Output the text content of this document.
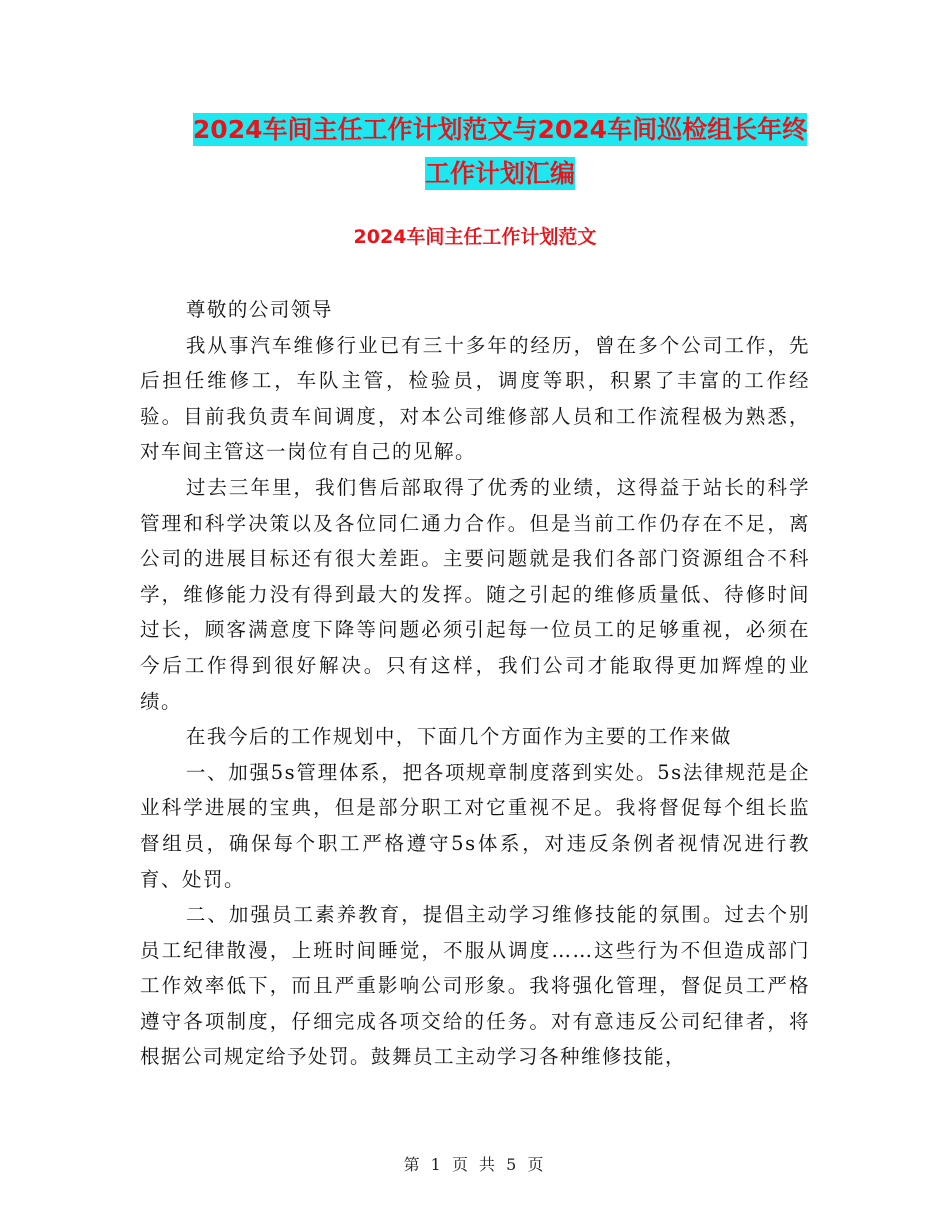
2024车间主任工作计划范文与2024车间巡检组长年终
工作计划汇编
2024车间主任工作计划范文

尊敬的公司领导

我从事汽车维修行业已有三十多年的经历，曾在多个公司工作，先后担任维修工，车队主管，检验员，调度等职，积累了丰富的工作经验。目前我负责车间调度，对本公司维修部人员和工作流程极为熟悉，对车间主管这一岗位有自己的见解。

过去三年里，我们售后部取得了优秀的业绩，这得益于站长的科学管理和科学决策以及各位同仁通力合作。但是当前工作仍存在不足，离公司的进展目标还有很大差距。主要问题就是我们各部门资源组合不科学，维修能力没有得到最大的发挥。随之引起的维修质量低、待修时间过长，顾客满意度下降等问题必须引起每一位员工的足够重视，必须在今后工作得到很好解决。只有这样，我们公司才能取得更加辉煌的业绩。

在我今后的工作规划中，下面几个方面作为主要的工作来做

一、加强5s管理体系，把各项规章制度落到实处。5s法律规范是企业科学进展的宝典，但是部分职工对它重视不足。我将督促每个组长监督组员，确保每个职工严格遵守5s体系，对违反条例者视情况进行教育、处罚。

二、加强员工素养教育，提倡主动学习维修技能的氛围。过去个别员工纪律散漫，上班时间睡觉，不服从调度……这些行为不但造成部门工作效率低下，而且严重影响公司形象。我将强化管理，督促员工严格遵守各项制度，仔细完成各项交给的任务。对有意违反公司纪律者，将根据公司规定给予处罚。鼓舞员工主动学习各种维修技能，

第 1 页 共 5 页
